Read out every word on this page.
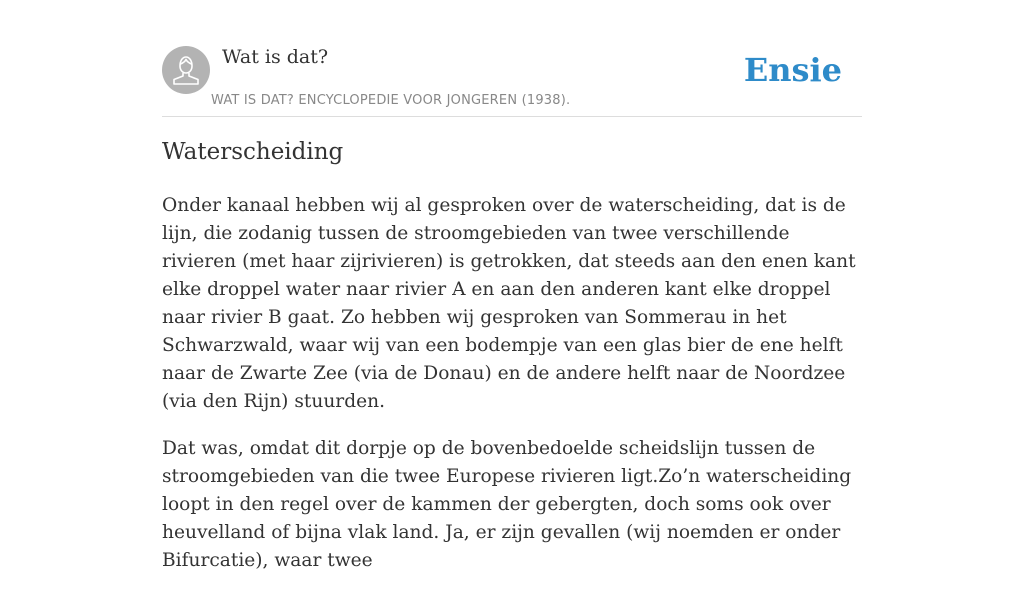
Wat is dat?
WAT IS DAT? ENCYCLOPEDIE VOOR JONGEREN (1938).
Ensie
Waterscheiding

Onder kanaal hebben wij al gesproken over de waterscheiding, dat is de lijn, die zodanig tussen de stroomgebieden van twee verschillende rivieren (met haar zijrivieren) is getrokken, dat steeds aan den enen kant elke droppel water naar rivier A en aan den anderen kant elke droppel naar rivier B gaat. Zo hebben wij gesproken van Sommerau in het Schwarzwald, waar wij van een bodempje van een glas bier de ene helft naar de Zwarte Zee (via de Donau) en de andere helft naar de Noordzee (via den Rijn) stuurden.

Dat was, omdat dit dorpje op de bovenbedoelde scheidslijn tussen de stroomgebieden van die twee Europese rivieren ligt.Zo’n waterscheiding loopt in den regel over de kammen der gebergten, doch soms ook over heuvelland of bijna vlak land. Ja, er zijn gevallen (wij noemden er onder Bifurcatie), waar twee
